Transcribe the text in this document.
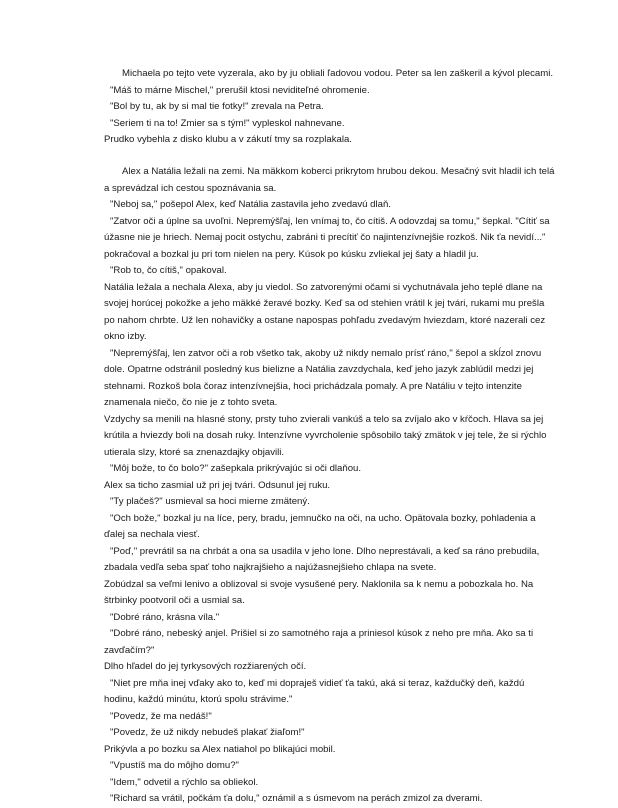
Michaela po tejto vete vyzerala, ako by ju obliali ľadovou vodou. Peter sa len zaškeril a kývol plecami.

"Máš to márne Mischel," prerušil ktosi neviditeľné ohromenie.

"Bol by tu, ak by si mal tie fotky!" zrevala na Petra.

"Seriem ti na to! Zmier sa s tým!" vypleskol nahnevane.

Prudko vybehla z disko klubu a v zákutí tmy sa rozplakala.

Alex a Natália ležali na zemi. Na mäkkom koberci prikrytom hrubou dekou. Mesačný svit hladil ich telá a sprevádzal ich cestou spoznávania sa.

"Neboj sa," pošepol Alex, keď Natália zastavila jeho zvedavú dlaň.

"Zatvor oči a úplne sa uvoľni. Nepremýšľaj, len vnímaj to, čo cítiš. A odovzdaj sa tomu," šepkal. "Cítiť sa úžasne nie je hriech. Nemaj pocit ostychu, zabráni ti precítiť čo najintenzívnejšie rozkoš. Nik ťa nevidí..." pokračoval a bozkal ju pri tom nielen na pery. Kúsok po kúsku zvliekal jej šaty a hladil ju.

"Rob to, čo cítiš," opakoval.

Natália ležala a nechala Alexa, aby ju viedol. So zatvorenými očami si vychutnávala jeho teplé dlane na svojej horúcej pokožke a jeho mäkké žeravé bozky. Keď sa od stehien vrátil k jej tvári, rukami mu prešla po nahom chrbte. Už len nohavičky a ostane napospas pohľadu zvedavým hviezdam, ktoré nazerali cez okno izby.

"Nepremýšľaj, len zatvor oči a rob všetko tak, akoby už nikdy nemalo prísť ráno," šepol a skĺzol znovu dole. Opatrne odstránil posledný kus bielizne a Natália zavzdychala, keď jeho jazyk zablúdil medzi jej stehnami. Rozkoš bola čoraz intenzívnejšia, hoci prichádzala pomaly. A pre Natáliu v tejto intenzite znamenala niečo, čo nie je z tohto sveta.

Vzdychy sa menili na hlasné stony, prsty tuho zvierali vankúš a telo sa zvíjalo ako v kŕčoch. Hlava sa jej krútila a hviezdy boli na dosah ruky. Intenzívne vyvrcholenie spôsobilo taký zmätok v jej tele, že si rýchlo utierala slzy, ktoré sa znenazdajky objavili.

"Môj bože, to čo bolo?" zašepkala prikrývajúc si oči dlaňou.

Alex sa ticho zasmial už pri jej tvári. Odsunul jej ruku.

"Ty plačeš?" usmieval sa hoci mierne zmätený.

"Och bože," bozkal ju na líce, pery, bradu, jemnučko na oči, na ucho. Opätovala bozky, pohladenia a ďalej sa nechala viesť.

"Poď," prevrátil sa na chrbát a ona sa usadila v jeho lone. Dlho neprestávali, a keď sa ráno prebudila, zbadala vedľa seba spať toho najkrajšieho a najúžasnejšieho chlapa na svete.

Zobúdzal sa veľmi lenivo a oblizoval si svoje vysušené pery. Naklonila sa k nemu a pobozkala ho. Na štrbinky pootvoril oči a usmial sa.

"Dobré ráno, krásna víla."

"Dobré ráno, nebeský anjel. Prišiel si zo samotného raja a priniesol kúsok z neho pre mňa. Ako sa ti zavďačím?"

Dlho hľadel do jej tyrkysových rozžiarených očí.

"Niet pre mňa inej vďaky ako to, keď mi dopraješ vidieť ťa takú, aká si teraz, každučký deň, každú hodinu, každú minútu, ktorú spolu strávime."

"Povedz, že ma nedáš!"

"Povedz, že už nikdy nebudeš plakať žiaľom!"

Prikývla a po bozku sa Alex natiahol po blikajúci mobil.

"Vpustíš ma do môjho domu?"

"Idem," odvetil a rýchlo sa obliekol.

"Richard sa vrátil, počkám ťa dolu," oznámil a s úsmevom na perách zmizol za dverami.
